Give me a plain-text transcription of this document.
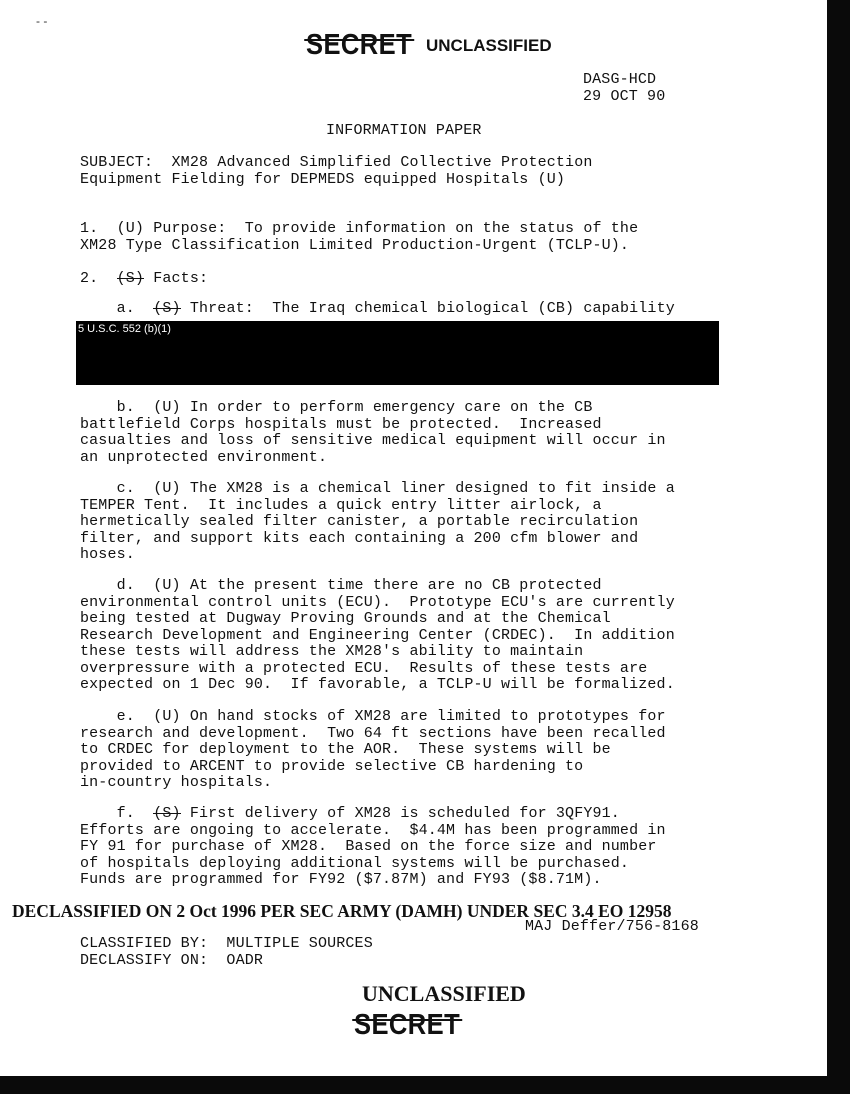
- -
SECRET UNCLASSIFIED
DASG-HCD
29 OCT 90
INFORMATION PAPER
SUBJECT: XM28 Advanced Simplified Collective Protection
Equipment Fielding for DEPMEDS equipped Hospitals (U)
1.  (U) Purpose:  To provide information on the status of the
XM28 Type Classification Limited Production-Urgent (TCLP-U).
2.  (S) Facts:
a.  (S) Threat:  The Iraq chemical biological (CB) capability
5 U.S.C. 552 (b)(1)
b.  (U) In order to perform emergency care on the CB
battlefield Corps hospitals must be protected.  Increased
casualties and loss of sensitive medical equipment will occur in
an unprotected environment.
c.  (U) The XM28 is a chemical liner designed to fit inside a
TEMPER Tent.  It includes a quick entry litter airlock, a
hermetically sealed filter canister, a portable recirculation
filter, and support kits each containing a 200 cfm blower and
hoses.
d.  (U) At the present time there are no CB protected
environmental control units (ECU).  Prototype ECU's are currently
being tested at Dugway Proving Grounds and at the Chemical
Research Development and Engineering Center (CRDEC).  In addition
these tests will address the XM28's ability to maintain
overpressure with a protected ECU.  Results of these tests are
expected on 1 Dec 90.  If favorable, a TCLP-U will be formalized.
e.  (U) On hand stocks of XM28 are limited to prototypes for
research and development.  Two 64 ft sections have been recalled
to CRDEC for deployment to the AOR.  These systems will be
provided to ARCENT to provide selective CB hardening to
in-country hospitals.
f.  (S) First delivery of XM28 is scheduled for 3QFY91.
Efforts are ongoing to accelerate.  $4.4M has been programmed in
FY 91 for purchase of XM28.  Based on the force size and number
of hospitals deploying additional systems will be purchased.
Funds are programmed for FY92 ($7.87M) and FY93 ($8.71M).
DECLASSIFIED ON 2 Oct 1996 PER SEC ARMY (DAMH) UNDER SEC 3.4 EO 12958
MAJ Deffer/756-8168
CLASSIFIED BY:  MULTIPLE SOURCES
DECLASSIFY ON:  OADR
UNCLASSIFIED
SECRET
